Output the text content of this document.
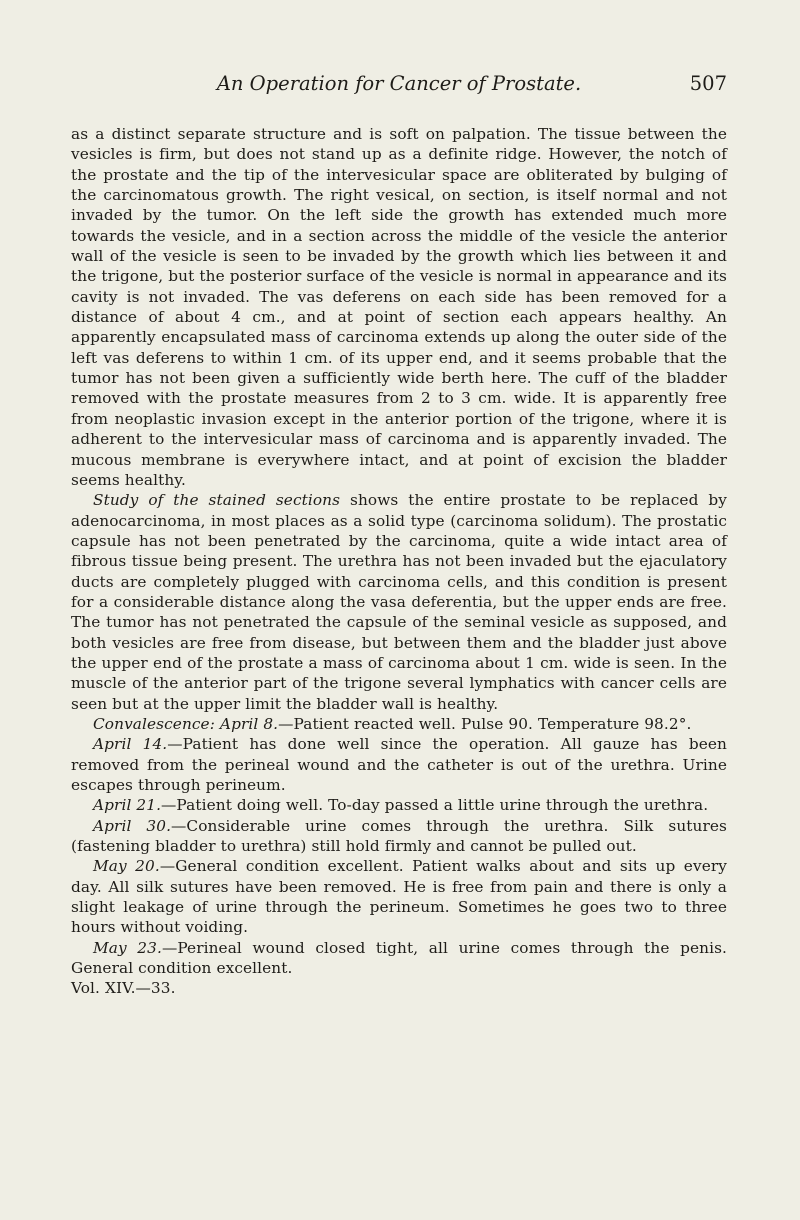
An Operation for Cancer of Prostate.	507

as a distinct separate structure and is soft on palpation. The tissue between the vesicles is firm, but does not stand up as a definite ridge. However, the notch of the prostate and the tip of the intervesicular space are obliterated by bulging of the carcinomatous growth. The right vesical, on section, is itself normal and not invaded by the tumor. On the left side the growth has extended much more towards the vesicle, and in a section across the middle of the vesicle the anterior wall of the vesicle is seen to be invaded by the growth which lies between it and the trigone, but the posterior surface of the vesicle is normal in appearance and its cavity is not invaded. The vas deferens on each side has been removed for a distance of about 4 cm., and at point of section each appears healthy. An apparently encapsulated mass of carcinoma extends up along the outer side of the left vas deferens to within 1 cm. of its upper end, and it seems probable that the tumor has not been given a sufficiently wide berth here. The cuff of the bladder removed with the prostate measures from 2 to 3 cm. wide. It is apparently free from neoplastic invasion except in the anterior portion of the trigone, where it is adherent to the intervesicular mass of carcinoma and is apparently invaded. The mucous membrane is everywhere intact, and at point of excision the bladder seems healthy.

Study of the stained sections shows the entire prostate to be replaced by adenocarcinoma, in most places as a solid type (carcinoma solidum). The prostatic capsule has not been penetrated by the carcinoma, quite a wide intact area of fibrous tissue being present. The urethra has not been invaded but the ejaculatory ducts are completely plugged with carcinoma cells, and this condition is present for a considerable distance along the vasa deferentia, but the upper ends are free. The tumor has not penetrated the capsule of the seminal vesicle as supposed, and both vesicles are free from disease, but between them and the bladder just above the upper end of the prostate a mass of carcinoma about 1 cm. wide is seen. In the muscle of the anterior part of the trigone several lymphatics with cancer cells are seen but at the upper limit the bladder wall is healthy.

Convalescence: April 8.—Patient reacted well. Pulse 90. Temperature 98.2°.

April 14.—Patient has done well since the operation. All gauze has been removed from the perineal wound and the catheter is out of the urethra. Urine escapes through perineum.

April 21.—Patient doing well. To-day passed a little urine through the urethra.

April 30.—Considerable urine comes through the urethra. Silk sutures (fastening bladder to urethra) still hold firmly and cannot be pulled out.

May 20.—General condition excellent. Patient walks about and sits up every day. All silk sutures have been removed. He is free from pain and there is only a slight leakage of urine through the perineum. Sometimes he goes two to three hours without voiding.

May 23.—Perineal wound closed tight, all urine comes through the penis. General condition excellent.

Vol. XIV.—33.
